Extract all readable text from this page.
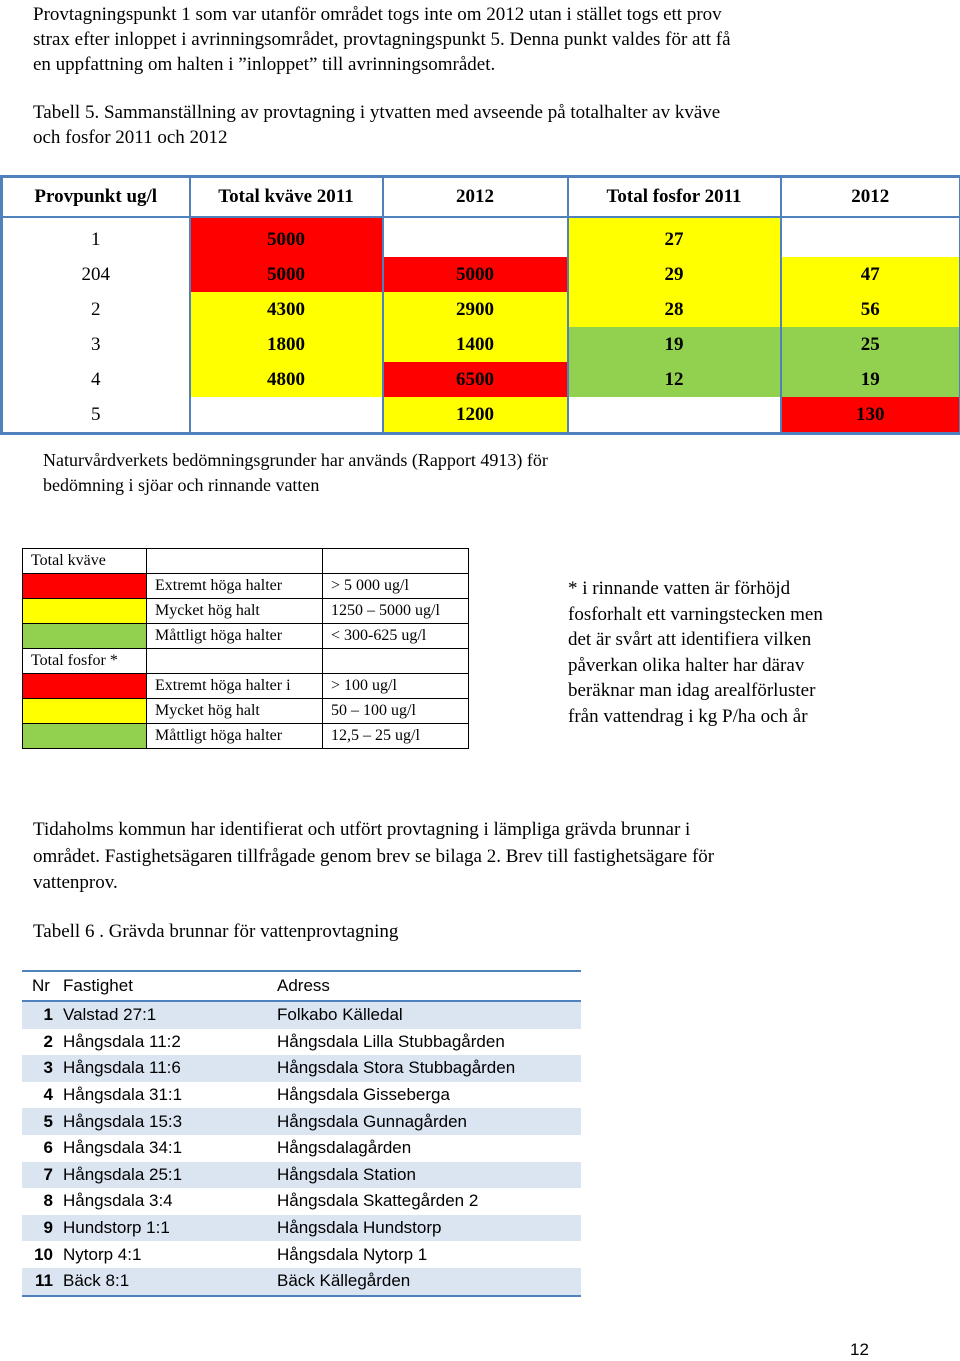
Provtagningspunkt 1 som var utanför området togs inte om 2012 utan i stället togs ett prov

strax efter inloppet i avrinningsområdet, provtagningspunkt 5. Denna punkt valdes för att få

en uppfattning om halten i ”inloppet” till avrinningsområdet.

Tabell 5. Sammanställning av provtagning i ytvatten med avseende på totalhalter av kväve

och fosfor 2011 och 2012

Provpunkt ug/l	Total kväve 2011	2012	Total fosfor 2011	2012
1	5000		27	
204	5000	5000	29	47
2	4300	2900	28	56
3	1800	1400	19	25
4	4800	6500	12	19
5		1200		130

Naturvårdverkets bedömningsgrunder har används (Rapport 4913) för

bedömning i sjöar och rinnande vatten

Total kväve		
	Extremt höga halter	> 5 000 ug/l
	Mycket hög halt	1250 – 5000 ug/l
	Måttligt höga halter	< 300-625 ug/l
Total fosfor *		
	Extremt höga halter i	> 100 ug/l
	Mycket hög halt	50 – 100 ug/l
	Måttligt höga halter	12,5 – 25 ug/l

* i rinnande vatten är förhöjd

fosforhalt ett varningstecken men

det är svårt att identifiera vilken

påverkan olika halter har därav

beräknar man idag arealförluster

från vattendrag i kg P/ha och år

Tidaholms kommun har identifierat och utfört provtagning i lämpliga grävda brunnar i

området. Fastighetsägaren tillfrågade genom brev se bilaga 2. Brev till fastighetsägare för

vattenprov.

Tabell 6 . Grävda brunnar för vattenprovtagning

Nr	Fastighet	Adress
1	Valstad 27:1	Folkabo Källedal
2	Hångsdala 11:2	Hångsdala Lilla Stubbagården
3	Hångsdala 11:6	Hångsdala Stora Stubbagården
4	Hångsdala 31:1	Hångsdala Gisseberga
5	Hångsdala 15:3	Hångsdala Gunnagården
6	Hångsdala 34:1	Hångsdalagården
7	Hångsdala 25:1	Hångsdala Station
8	Hångsdala 3:4	Hångsdala Skattegården 2
9	Hundstorp 1:1	Hångsdala Hundstorp
10	Nytorp 4:1	Hångsdala Nytorp 1
11	Bäck 8:1	Bäck Källegården
12
